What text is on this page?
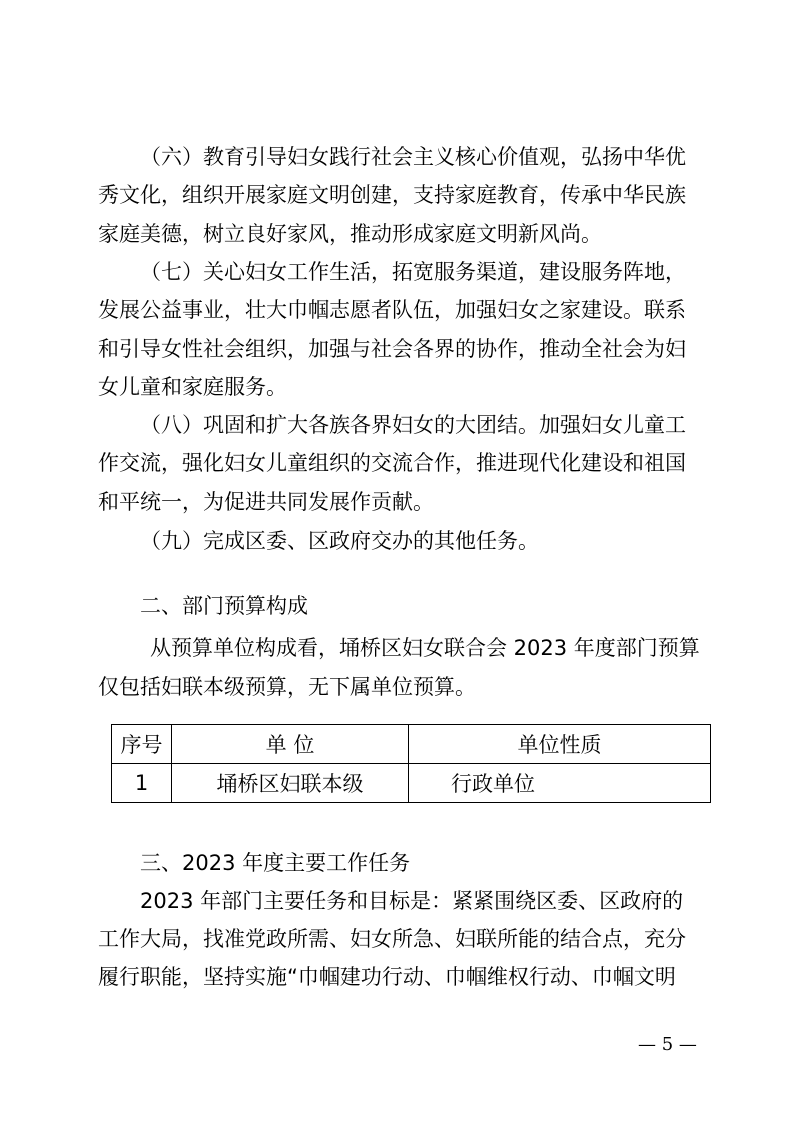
（六）教育引导妇女践行社会主义核心价值观，弘扬中华优
秀文化，组织开展家庭文明创建，支持家庭教育，传承中华民族
家庭美德，树立良好家风，推动形成家庭文明新风尚。
（七）关心妇女工作生活，拓宽服务渠道，建设服务阵地，
发展公益事业，壮大巾帼志愿者队伍，加强妇女之家建设。联系
和引导女性社会组织，加强与社会各界的协作，推动全社会为妇
女儿童和家庭服务。
（八）巩固和扩大各族各界妇女的大团结。加强妇女儿童工
作交流，强化妇女儿童组织的交流合作，推进现代化建设和祖国
和平统一，为促进共同发展作贡献。
（九）完成区委、区政府交办的其他任务。
二、部门预算构成
从预算单位构成看，埇桥区妇女联合会 2023 年度部门预算
仅包括妇联本级预算，无下属单位预算。
序号	单 位	单位性质
1	埇桥区妇联本级	行政单位
三、2023 年度主要工作任务
2023 年部门主要任务和目标是：紧紧围绕区委、区政府的
工作大局，找准党政所需、妇女所急、妇联所能的结合点，充分
履行职能，坚持实施“巾帼建功行动、巾帼维权行动、巾帼文明
— 5 —
